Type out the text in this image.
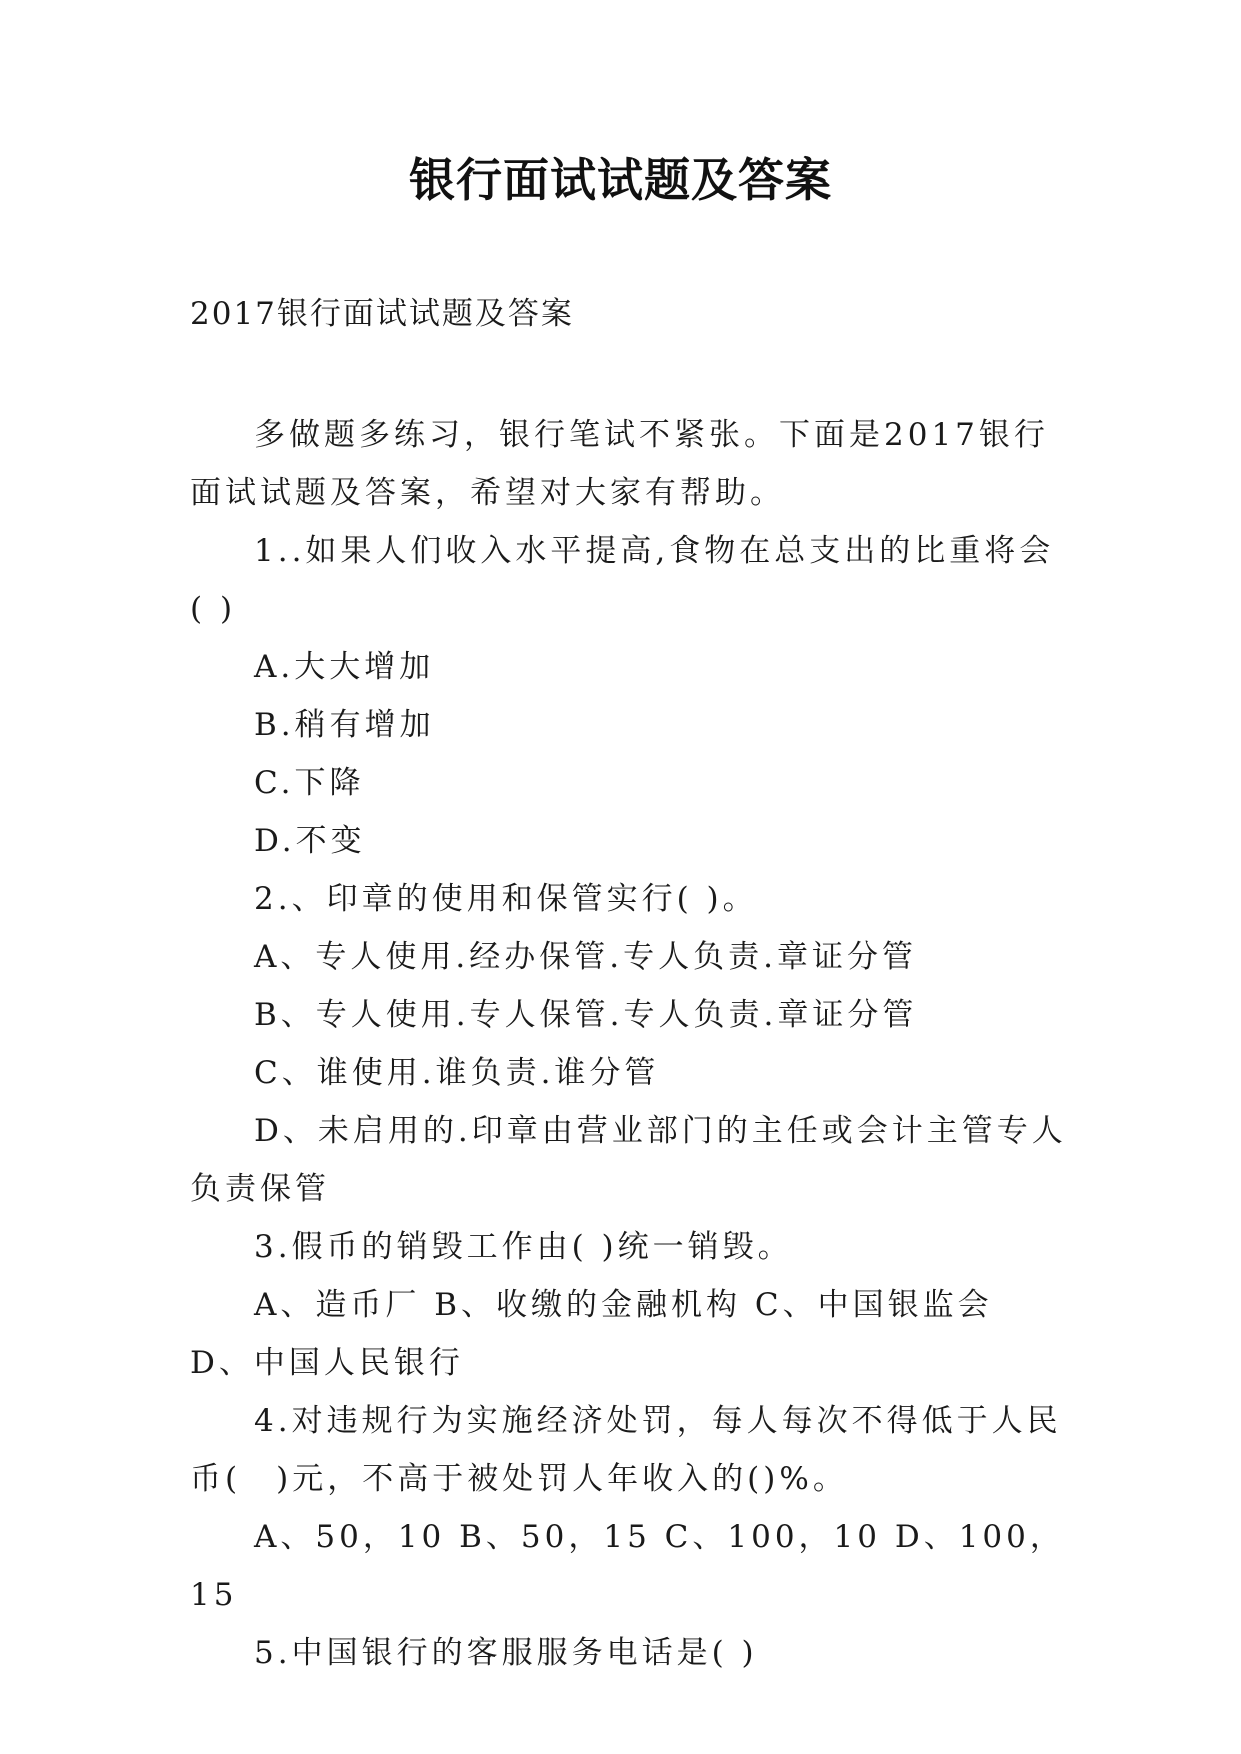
银行面试试题及答案
2017银行面试试题及答案

多做题多练习，银行笔试不紧张。下面是2017银行面试试题及答案，希望对大家有帮助。

1..如果人们收入水平提高,食物在总支出的比重将会( )

A.大大增加

B.稍有增加

C.下降

D.不变

2.、印章的使用和保管实行( )。

A、专人使用.经办保管.专人负责.章证分管

B、专人使用.专人保管.专人负责.章证分管

C、谁使用.谁负责.谁分管

D、未启用的.印章由营业部门的主任或会计主管专人负责保管

3.假币的销毁工作由( )统一销毁。

A、造币厂 B、收缴的金融机构 C、中国银监会 D、中国人民银行

4.对违规行为实施经济处罚，每人每次不得低于人民币(　)元，不高于被处罚人年收入的()%。

A、50，10 B、50，15 C、100，10 D、100，15

5.中国银行的客服服务电话是( )
